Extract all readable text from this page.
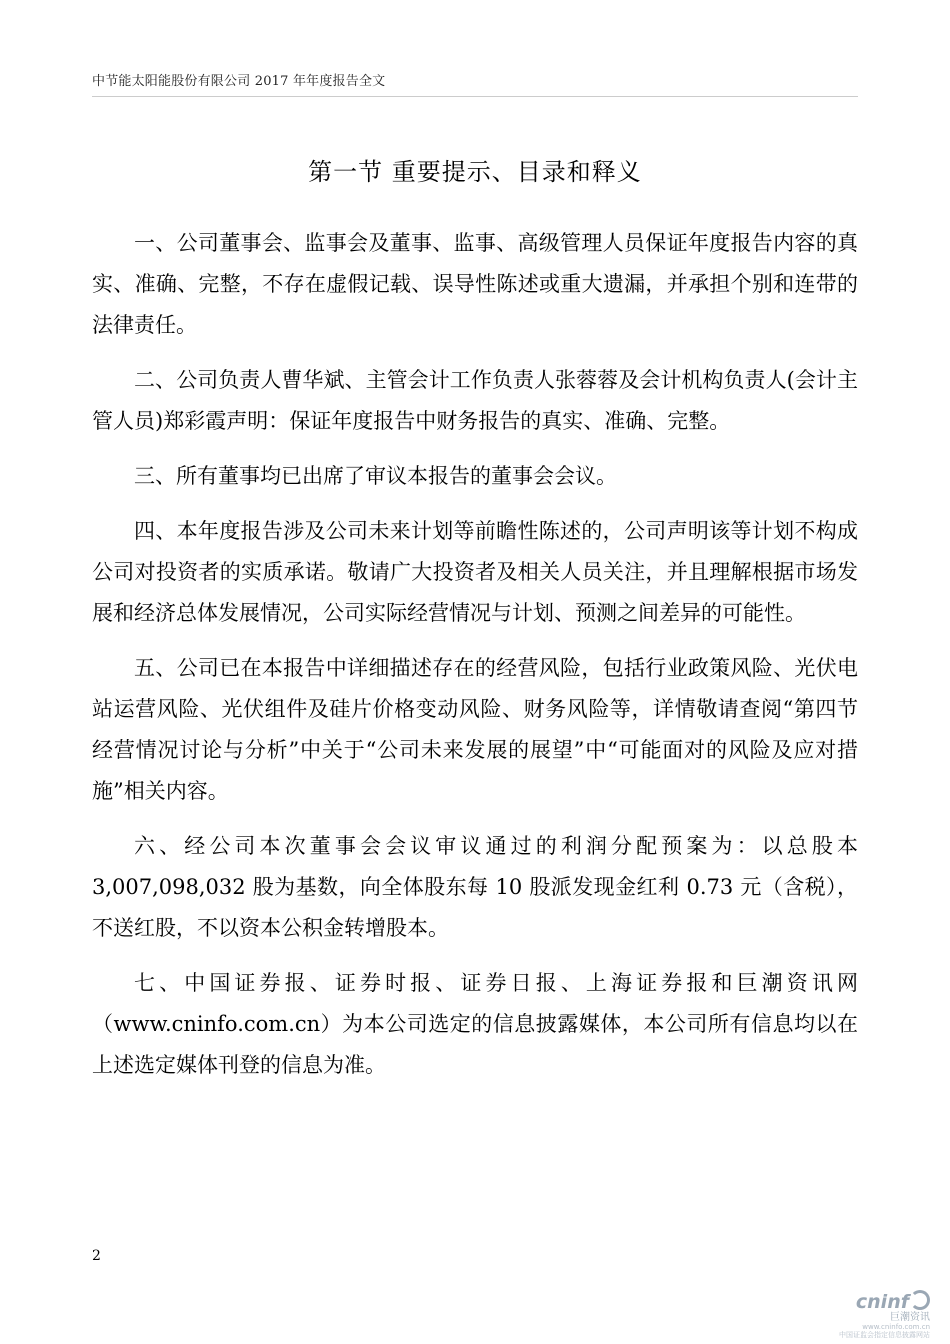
中节能太阳能股份有限公司 2017 年年度报告全文
第一节 重要提示、目录和释义

一、公司董事会、监事会及董事、监事、高级管理人员保证年度报告内容的真实、准确、完整，不存在虚假记载、误导性陈述或重大遗漏，并承担个别和连带的法律责任。

二、公司负责人曹华斌、主管会计工作负责人张蓉蓉及会计机构负责人(会计主管人员)郑彩霞声明：保证年度报告中财务报告的真实、准确、完整。

三、所有董事均已出席了审议本报告的董事会会议。

四、本年度报告涉及公司未来计划等前瞻性陈述的，公司声明该等计划不构成公司对投资者的实质承诺。敬请广大投资者及相关人员关注，并且理解根据市场发展和经济总体发展情况，公司实际经营情况与计划、预测之间差异的可能性。

五、公司已在本报告中详细描述存在的经营风险，包括行业政策风险、光伏电站运营风险、光伏组件及硅片价格变动风险、财务风险等，详情敬请查阅“第四节经营情况讨论与分析”中关于“公司未来发展的展望”中“可能面对的风险及应对措施”相关内容。

六、经公司本次董事会会议审议通过的利润分配预案为：以总股本 3,007,098,032 股为基数，向全体股东每 10 股派发现金红利 0.73 元（含税），不送红股，不以资本公积金转增股本。

七、中国证券报、证券时报、证券日报、上海证券报和巨潮资讯网（www.cninfo.com.cn）为本公司选定的信息披露媒体，本公司所有信息均以在上述选定媒体刊登的信息为准。

2
cninf
巨潮资讯
www.cninfo.com.cn
中国证监会指定信息披露网站
